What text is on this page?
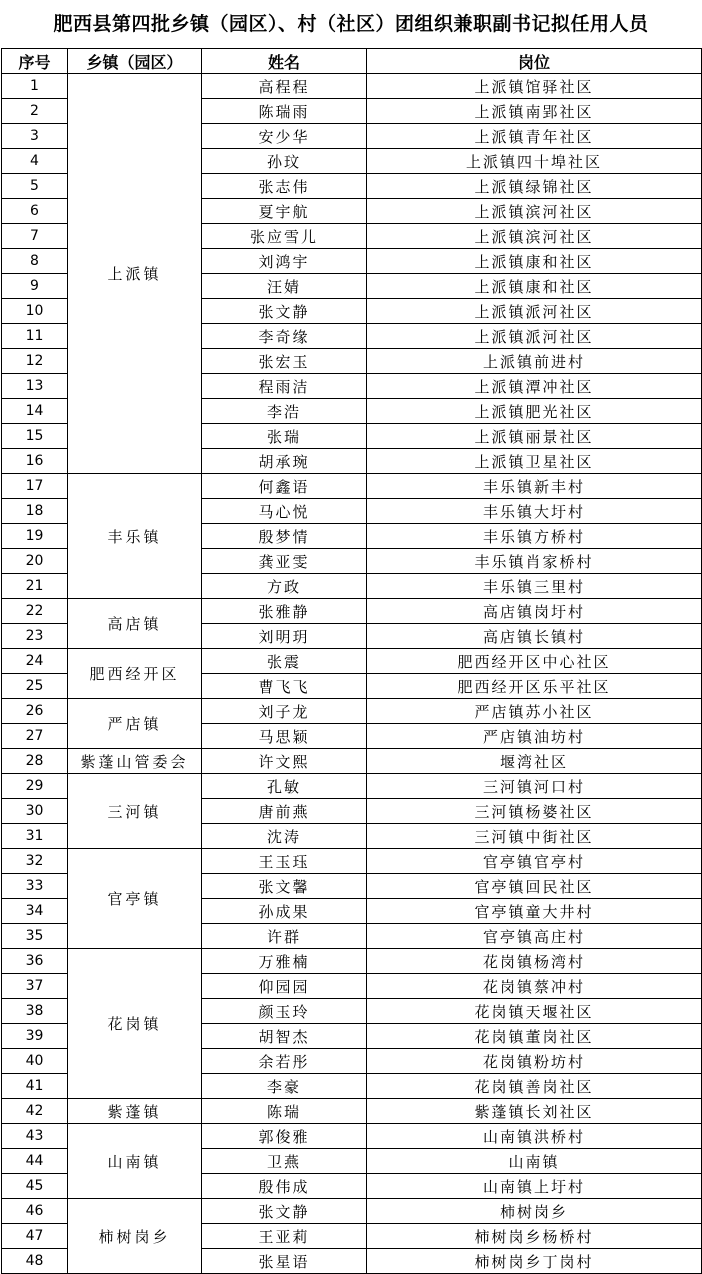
肥西县第四批乡镇（园区）、村（社区）团组织兼职副书记拟任用人员
序号	乡镇（园区）	姓名	岗位
1	上派镇	高程程	上派镇馆驿社区
2		陈瑞雨	上派镇南郢社区
3		安少华	上派镇青年社区
4		孙玟	上派镇四十埠社区
5		张志伟	上派镇绿锦社区
6		夏宇航	上派镇滨河社区
7		张应雪儿	上派镇滨河社区
8		刘鸿宇	上派镇康和社区
9		汪婧	上派镇康和社区
10		张文静	上派镇派河社区
11		李奇缘	上派镇派河社区
12		张宏玉	上派镇前进村
13		程雨洁	上派镇潭冲社区
14		李浩	上派镇肥光社区
15		张瑞	上派镇丽景社区
16		胡承琬	上派镇卫星社区
17	丰乐镇	何鑫语	丰乐镇新丰村
18		马心悦	丰乐镇大圩村
19		殷梦情	丰乐镇方桥村
20		龚亚雯	丰乐镇肖家桥村
21		方政	丰乐镇三里村
22	高店镇	张雅静	高店镇岗圩村
23		刘明玥	高店镇长镇村
24	肥西经开区	张震	肥西经开区中心社区
25		曹飞飞	肥西经开区乐平社区
26	严店镇	刘子龙	严店镇苏小社区
27		马思颖	严店镇油坊村
28	紫蓬山管委会	许文熙	堰湾社区
29	三河镇	孔敏	三河镇河口村
30		唐前燕	三河镇杨婆社区
31		沈涛	三河镇中街社区
32	官亭镇	王玉珏	官亭镇官亭村
33		张文馨	官亭镇回民社区
34		孙成果	官亭镇童大井村
35		许群	官亭镇高庄村
36	花岗镇	万雅楠	花岗镇杨湾村
37		仰园园	花岗镇蔡冲村
38		颜玉玲	花岗镇天堰社区
39		胡智杰	花岗镇董岗社区
40		余若彤	花岗镇粉坊村
41		李豪	花岗镇善岗社区
42	紫蓬镇	陈瑞	紫蓬镇长刘社区
43	山南镇	郭俊雅	山南镇洪桥村
44		卫燕	山南镇
45		殷伟成	山南镇上圩村
46	柿树岗乡	张文静	柿树岗乡
47		王亚莉	柿树岗乡杨桥村
48		张星语	柿树岗乡丁岗村
